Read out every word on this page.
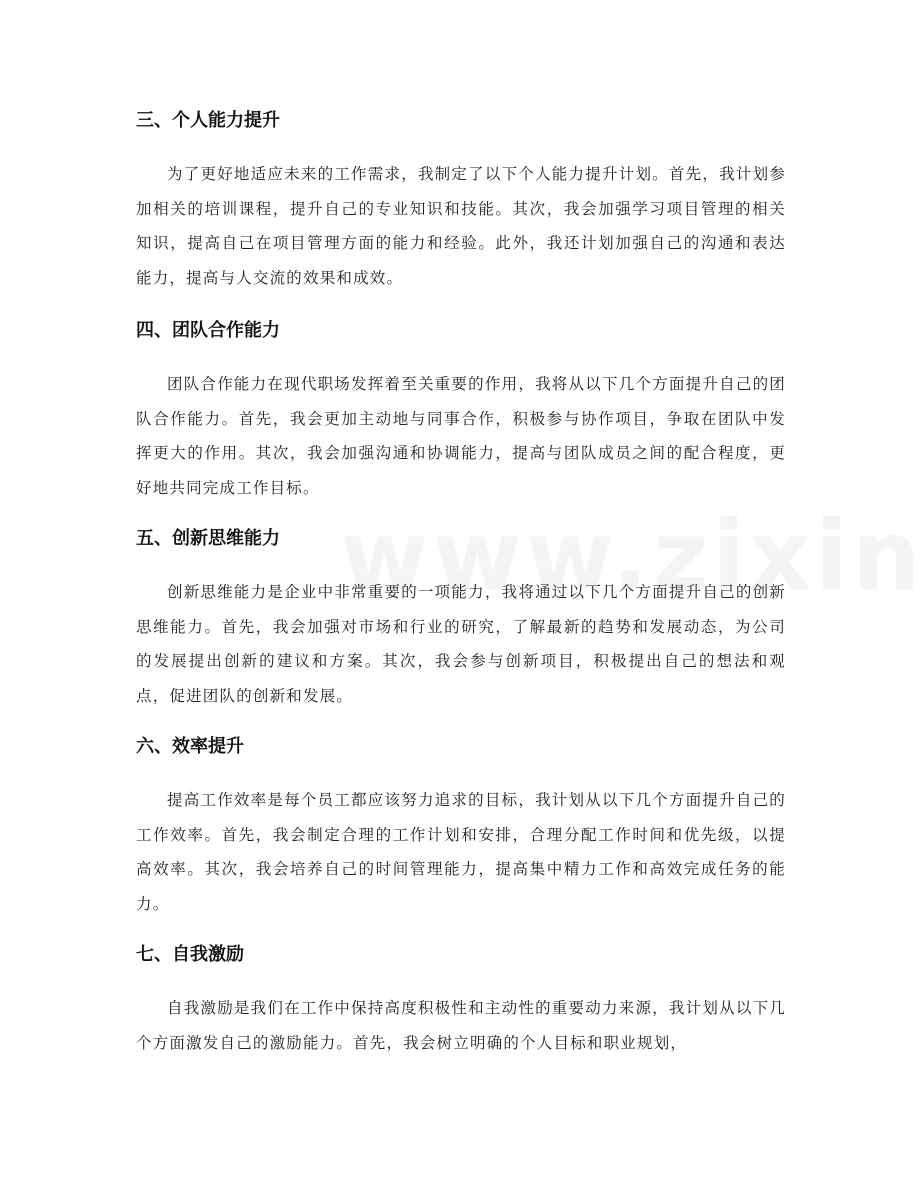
三、个人能力提升

为了更好地适应未来的工作需求，我制定了以下个人能力提升计划。首先，我计划参加相关的培训课程，提升自己的专业知识和技能。其次，我会加强学习项目管理的相关知识，提高自己在项目管理方面的能力和经验。此外，我还计划加强自己的沟通和表达能力，提高与人交流的效果和成效。

四、团队合作能力

团队合作能力在现代职场发挥着至关重要的作用，我将从以下几个方面提升自己的团队合作能力。首先，我会更加主动地与同事合作，积极参与协作项目，争取在团队中发挥更大的作用。其次，我会加强沟通和协调能力，提高与团队成员之间的配合程度，更好地共同完成工作目标。

五、创新思维能力

创新思维能力是企业中非常重要的一项能力，我将通过以下几个方面提升自己的创新思维能力。首先，我会加强对市场和行业的研究，了解最新的趋势和发展动态，为公司的发展提出创新的建议和方案。其次，我会参与创新项目，积极提出自己的想法和观点，促进团队的创新和发展。

六、效率提升

提高工作效率是每个员工都应该努力追求的目标，我计划从以下几个方面提升自己的工作效率。首先，我会制定合理的工作计划和安排，合理分配工作时间和优先级，以提高效率。其次，我会培养自己的时间管理能力，提高集中精力工作和高效完成任务的能力。

七、自我激励

自我激励是我们在工作中保持高度积极性和主动性的重要动力来源，我计划从以下几个方面激发自己的激励能力。首先，我会树立明确的个人目标和职业规划，
